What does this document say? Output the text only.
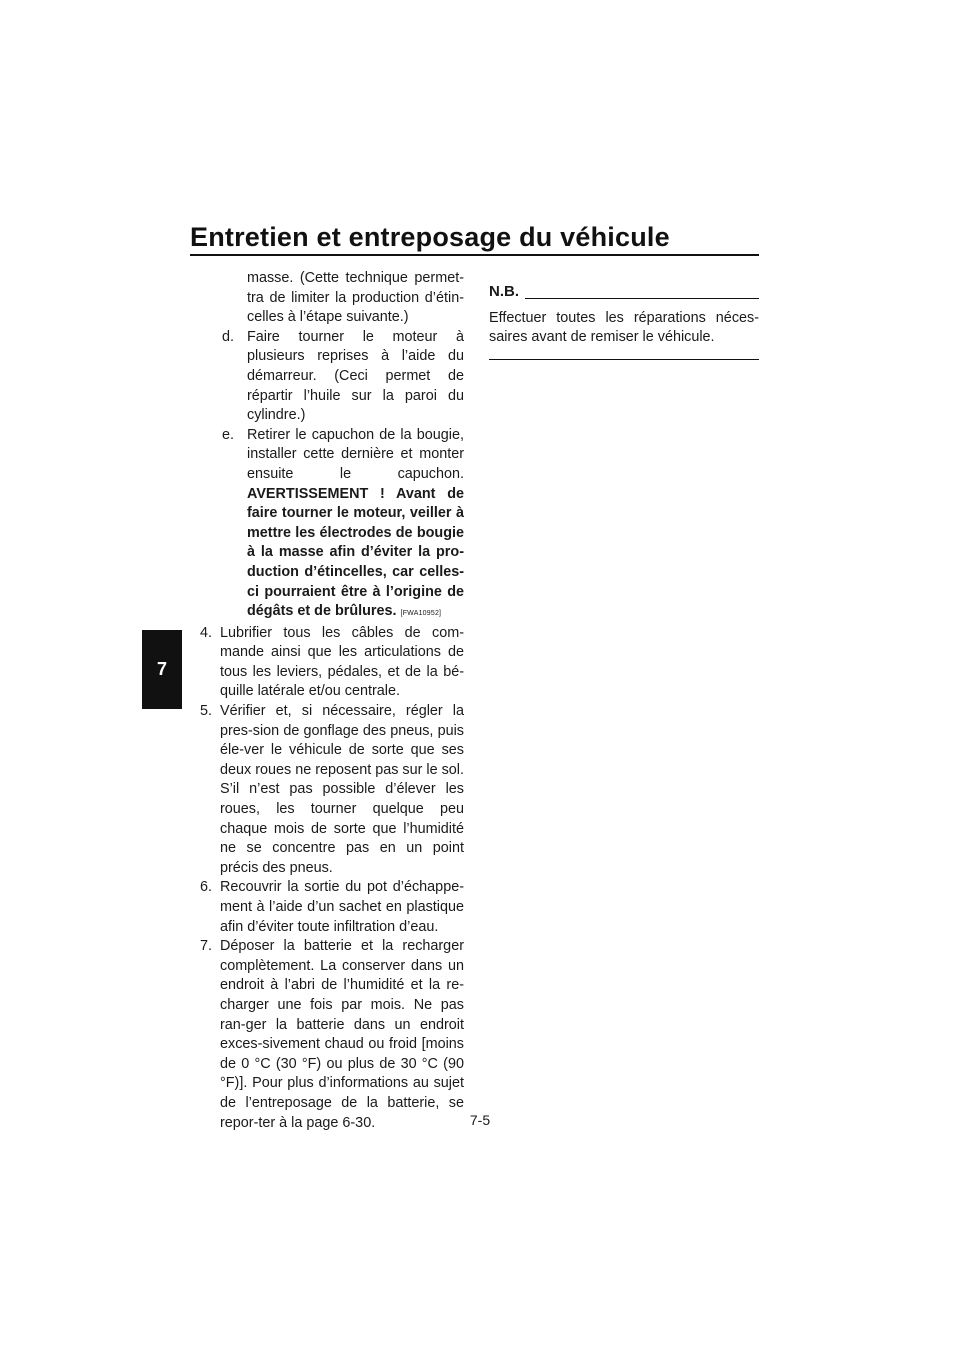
Entretien et entreposage du véhicule
7

masse. (Cette technique permet-tra de limiter la production d’étin-celles à l’étape suivante.)

d. Faire tourner le moteur à plusieurs reprises à l’aide du démarreur. (Ceci permet de répartir l’huile sur la paroi du cylindre.)
e. Retirer le capuchon de la bougie, installer cette dernière et monter ensuite le capuchon. AVERTISSEMENT ! Avant de faire tourner le moteur, veiller à mettre les électrodes de bougie à la masse afin d’éviter la pro-duction d’étincelles, car celles-ci pourraient être à l’origine de dégâts et de brûlures. [FWA10952]
4. Lubrifier tous les câbles de com-mande ainsi que les articulations de tous les leviers, pédales, et de la bé-quille latérale et/ou centrale.
5. Vérifier et, si nécessaire, régler la pres-sion de gonflage des pneus, puis éle-ver le véhicule de sorte que ses deux roues ne reposent pas sur le sol. S’il n’est pas possible d’élever les roues, les tourner quelque peu chaque mois de sorte que l’humidité ne se concentre pas en un point précis des pneus.
6. Recouvrir la sortie du pot d’échappe-ment à l’aide d’un sachet en plastique afin d’éviter toute infiltration d’eau.
7. Déposer la batterie et la recharger complètement. La conserver dans un endroit à l’abri de l’humidité et la re-charger une fois par mois. Ne pas ran-ger la batterie dans un endroit exces-sivement chaud ou froid [moins de 0 °C (30 °F) ou plus de 30 °C (90 °F)]. Pour plus d’informations au sujet de l’entreposage de la batterie, se repor-ter à la page 6-30.
N.B.

Effectuer toutes les réparations néces-saires avant de remiser le véhicule.

7-5
